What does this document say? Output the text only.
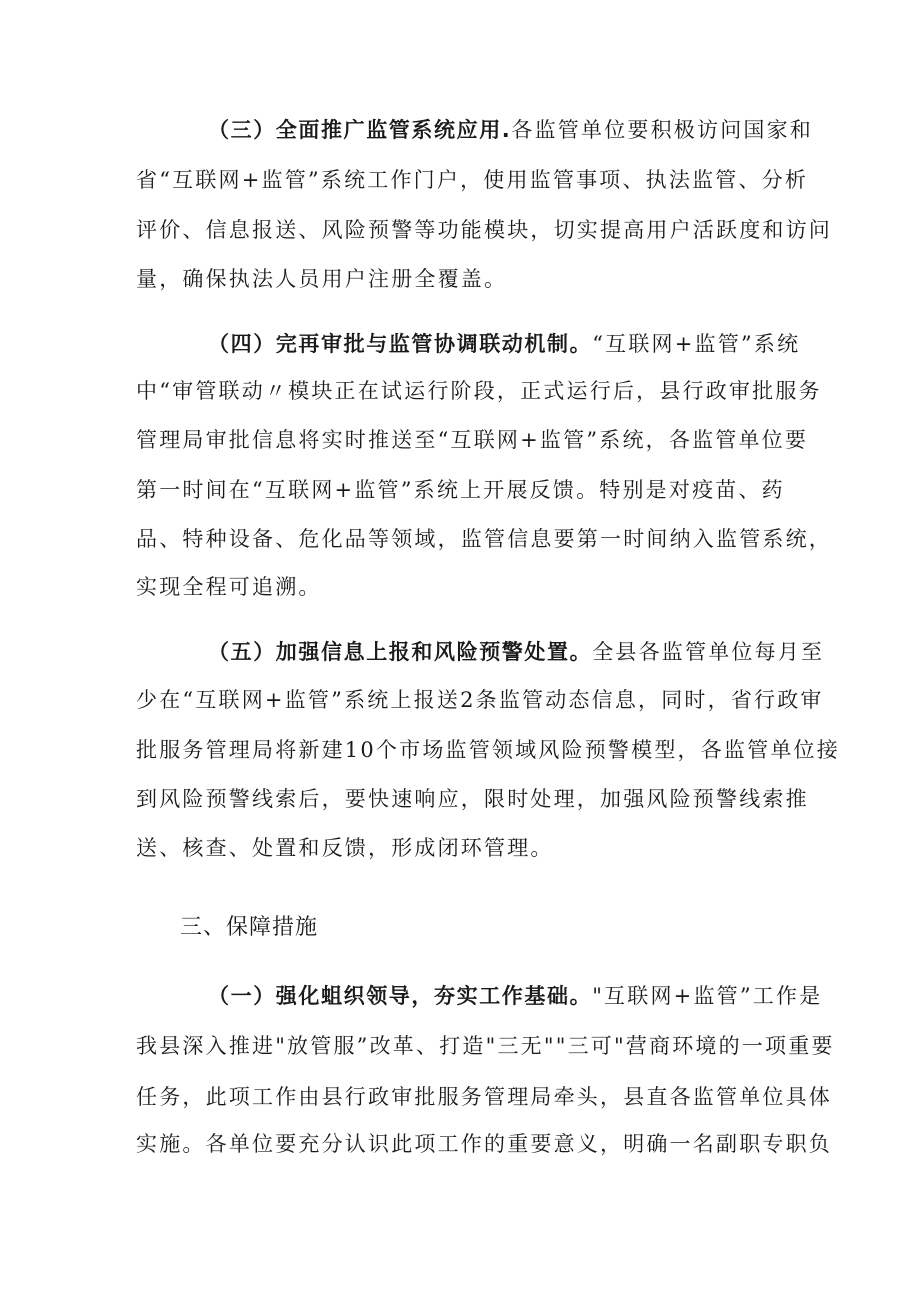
（三）全面推广监管系统应用.各监管单位要积极访问国家和
省“互联网+监管”系统工作门户，使用监管事项、执法监管、分析
评价、信息报送、风险预警等功能模块，切实提高用户活跃度和访问
量，确保执法人员用户注册全覆盖。
（四）完再审批与监管协调联动机制。“互联网+监管”系统
中“审管联动〃模块正在试运行阶段，正式运行后，县行政审批服务
管理局审批信息将实时推送至“互联网+监管”系统，各监管单位要
第一时间在“互联网+监管”系统上开展反馈。特别是对疫苗、药
品、特种设备、危化品等领域，监管信息要第一时间纳入监管系统，
实现全程可追溯。
（五）加强信息上报和风险预警处置。全县各监管单位每月至
少在“互联网+监管”系统上报送2条监管动态信息，同时，省行政审
批服务管理局将新建10个市场监管领域风险预警模型，各监管单位接
到风险预警线索后，要快速响应，限时处理，加强风险预警线索推
送、核查、处置和反馈，形成闭环管理。
三、保障措施
（一）强化蛆织领导，夯实工作基础。"互联网+监管”工作是
我县深入推进"放管服”改革、打造"三无""三可"营商环境的一项重要
任务，此项工作由县行政审批服务管理局牵头，县直各监管单位具体
实施。各单位要充分认识此项工作的重要意义，明确一名副职专职负
